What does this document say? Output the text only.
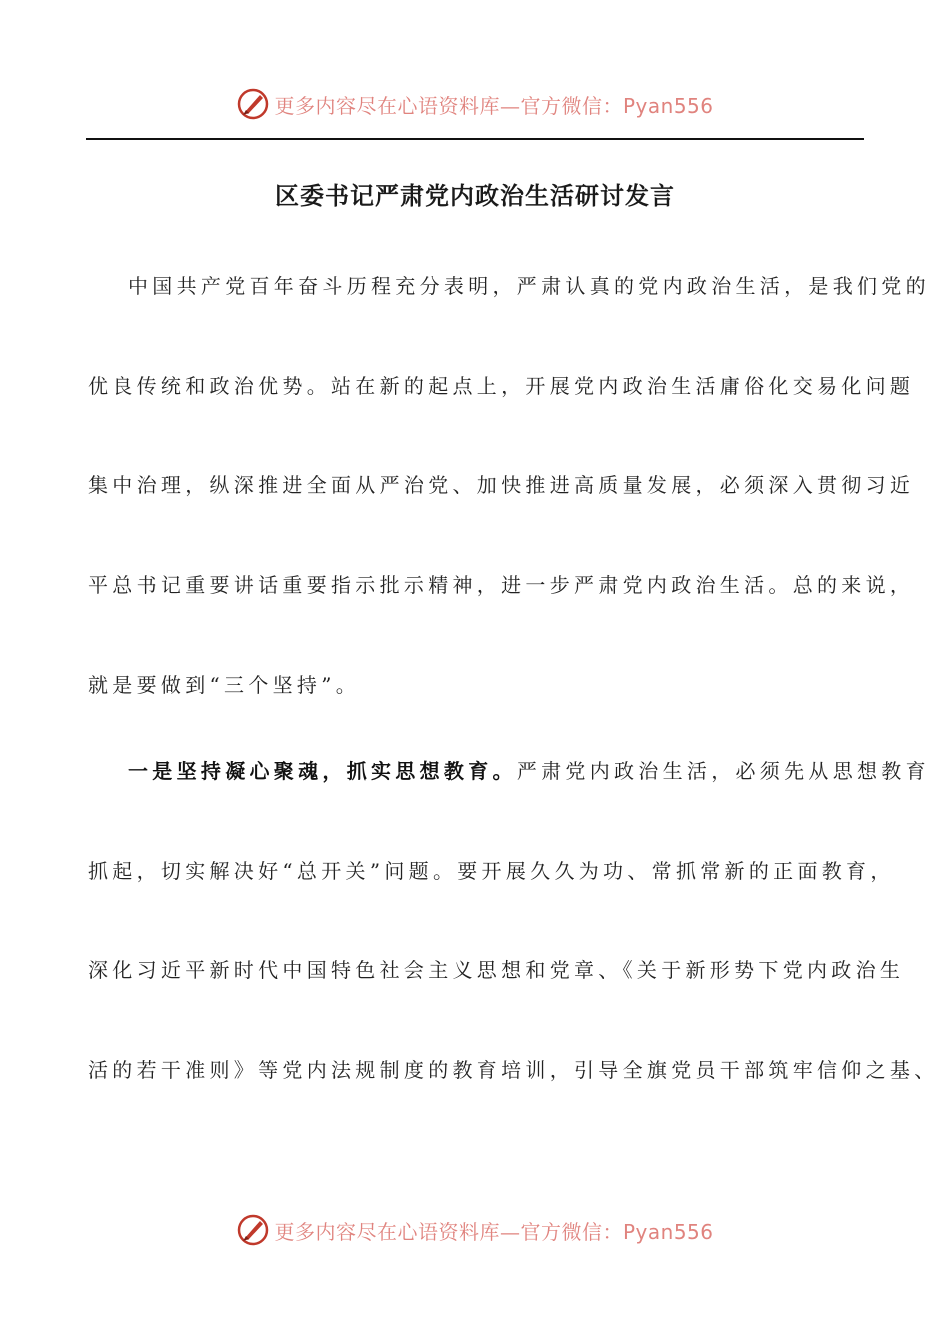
更多内容尽在心语资料库—官方微信：Pyan556
区委书记严肃党内政治生活研讨发言
中国共产党百年奋斗历程充分表明，严肃认真的党内政治生活，是我们党的
优良传统和政治优势。站在新的起点上，开展党内政治生活庸俗化交易化问题
集中治理，纵深推进全面从严治党、加快推进高质量发展，必须深入贯彻习近
平总书记重要讲话重要指示批示精神，进一步严肃党内政治生活。总的来说，
就是要做到“三个坚持”。
一是坚持凝心聚魂，抓实思想教育。严肃党内政治生活，必须先从思想教育
抓起，切实解决好“总开关”问题。要开展久久为功、常抓常新的正面教育，
深化习近平新时代中国特色社会主义思想和党章、《关于新形势下党内政治生
活的若干准则》等党内法规制度的教育培训，引导全旗党员干部筑牢信仰之基、
更多内容尽在心语资料库—官方微信：Pyan556
